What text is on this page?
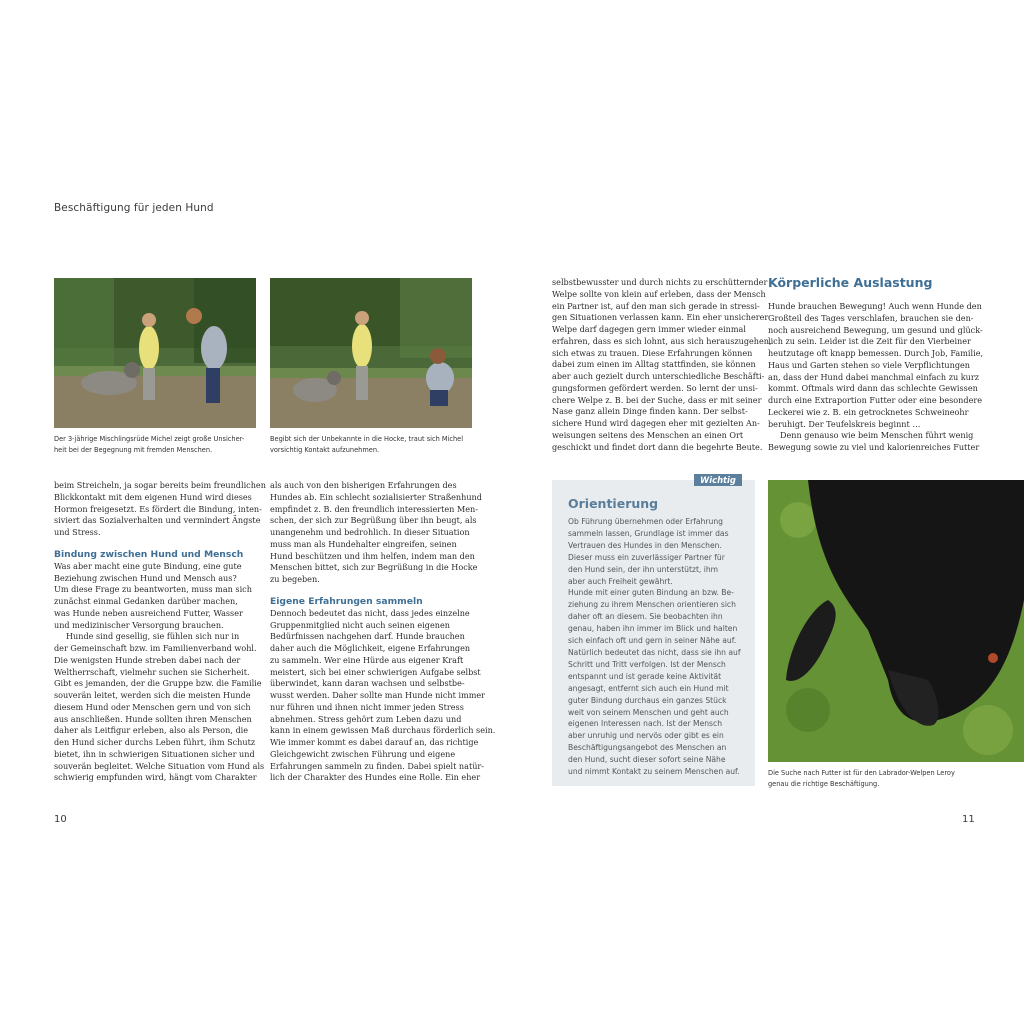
Beschäftigung für jeden Hund
Der 3-jährige Mischlingsrüde Michel zeigt große Unsicher-
heit bei der Begegnung mit fremden Menschen.
Begibt sich der Unbekannte in die Hocke, traut sich Michel
vorsichtig Kontakt aufzunehmen.
beim Streicheln, ja sogar bereits beim freundlichen
Blickkontakt mit dem eigenen Hund wird dieses
Hormon freigesetzt. Es fördert die Bindung, inten-
siviert das Sozialverhalten und vermindert Ängste
und Stress.
Bindung zwischen Hund und Mensch
Was aber macht eine gute Bindung, eine gute
Beziehung zwischen Hund und Mensch aus?
Um diese Frage zu beantworten, muss man sich
zunächst einmal Gedanken darüber machen,
was Hunde neben ausreichend Futter, Wasser
und medizinischer Versorgung brauchen.
Hunde sind gesellig, sie fühlen sich nur in
der Gemeinschaft bzw. im Familienverband wohl.
Die wenigsten Hunde streben dabei nach der
Weltherrschaft, vielmehr suchen sie Sicherheit.
Gibt es jemanden, der die Gruppe bzw. die Familie
souverän leitet, werden sich die meisten Hunde
diesem Hund oder Menschen gern und von sich
aus anschließen. Hunde sollten ihren Menschen
daher als Leitfigur erleben, also als Person, die
den Hund sicher durchs Leben führt, ihm Schutz
bietet, ihn in schwierigen Situationen sicher und
souverän begleitet. Welche Situation vom Hund als
schwierig empfunden wird, hängt vom Charakter
als auch von den bisherigen Erfahrungen des
Hundes ab. Ein schlecht sozialisierter Straßenhund
empfindet z. B. den freundlich interessierten Men-
schen, der sich zur Begrüßung über ihn beugt, als
unangenehm und bedrohlich. In dieser Situation
muss man als Hundehalter eingreifen, seinen
Hund beschützen und ihm helfen, indem man den
Menschen bittet, sich zur Begrüßung in die Hocke
zu begeben.
Eigene Erfahrungen sammeln
Dennoch bedeutet das nicht, dass jedes einzelne
Gruppenmitglied nicht auch seinen eigenen
Bedürfnissen nachgehen darf. Hunde brauchen
daher auch die Möglichkeit, eigene Erfahrungen
zu sammeln. Wer eine Hürde aus eigener Kraft
meistert, sich bei einer schwierigen Aufgabe selbst
überwindet, kann daran wachsen und selbstbe-
wusst werden. Daher sollte man Hunde nicht immer
nur führen und ihnen nicht immer jeden Stress
abnehmen. Stress gehört zum Leben dazu und
kann in einem gewissen Maß durchaus förderlich sein.
Wie immer kommt es dabei darauf an, das richtige
Gleichgewicht zwischen Führung und eigene
Erfahrungen sammeln zu finden. Dabei spielt natür-
lich der Charakter des Hundes eine Rolle. Ein eher
selbstbewusster und durch nichts zu erschütternder
Welpe sollte von klein auf erleben, dass der Mensch
ein Partner ist, auf den man sich gerade in stressi-
gen Situationen verlassen kann. Ein eher unsicherer
Welpe darf dagegen gern immer wieder einmal
erfahren, dass es sich lohnt, aus sich herauszugehen,
sich etwas zu trauen. Diese Erfahrungen können
dabei zum einen im Alltag stattfinden, sie können
aber auch gezielt durch unterschiedliche Beschäfti-
gungsformen gefördert werden. So lernt der unsi-
chere Welpe z. B. bei der Suche, dass er mit seiner
Nase ganz allein Dinge finden kann. Der selbst-
sichere Hund wird dagegen eher mit gezielten An-
weisungen seitens des Menschen an einen Ort
geschickt und findet dort dann die begehrte Beute.
Körperliche Auslastung
Hunde brauchen Bewegung! Auch wenn Hunde den
Großteil des Tages verschlafen, brauchen sie den-
noch ausreichend Bewegung, um gesund und glück-
lich zu sein. Leider ist die Zeit für den Vierbeiner
heutzutage oft knapp bemessen. Durch Job, Familie,
Haus und Garten stehen so viele Verpflichtungen
an, dass der Hund dabei manchmal einfach zu kurz
kommt. Oftmals wird dann das schlechte Gewissen
durch eine Extraportion Futter oder eine besondere
Leckerei wie z. B. ein getrocknetes Schweineohr
beruhigt. Der Teufelskreis beginnt …
Denn genauso wie beim Menschen führt wenig
Bewegung sowie zu viel und kalorienreiches Futter
Wichtig
Orientierung
Ob Führung übernehmen oder Erfahrung
sammeln lassen, Grundlage ist immer das
Vertrauen des Hundes in den Menschen.
Dieser muss ein zuverlässiger Partner für
den Hund sein, der ihn unterstützt, ihm
aber auch Freiheit gewährt.
Hunde mit einer guten Bindung an bzw. Be-
ziehung zu ihrem Menschen orientieren sich
daher oft an diesem. Sie beobachten ihn
genau, haben ihn immer im Blick und halten
sich einfach oft und gern in seiner Nähe auf.
Natürlich bedeutet das nicht, dass sie ihn auf
Schritt und Tritt verfolgen. Ist der Mensch
entspannt und ist gerade keine Aktivität
angesagt, entfernt sich auch ein Hund mit
guter Bindung durchaus ein ganzes Stück
weit von seinem Menschen und geht auch
eigenen Interessen nach. Ist der Mensch
aber unruhig und nervös oder gibt es ein
Beschäftigungsangebot des Menschen an
den Hund, sucht dieser sofort seine Nähe
und nimmt Kontakt zu seinem Menschen auf.	Die Suche nach Futter ist für den Labrador-Welpen Leroy
genau die richtige Beschäftigung.
10	11
